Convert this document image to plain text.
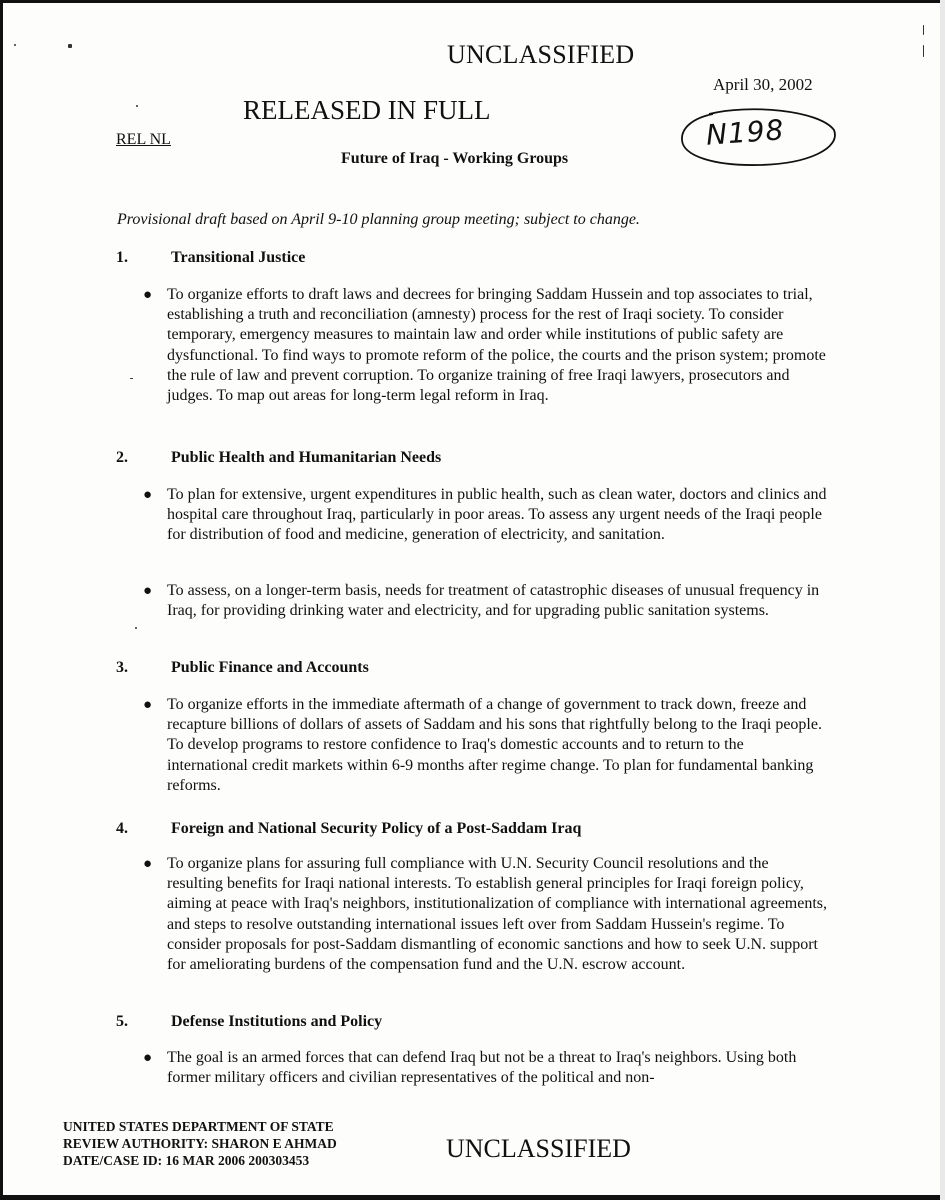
UNCLASSIFIED
April 30, 2002
RELEASED IN FULL
REL NL	N198
Future of Iraq - Working Groups
Provisional draft based on April 9-10 planning group meeting; subject to change.
1.	Transitional Justice
● To organize efforts to draft laws and decrees for bringing Saddam Hussein and top associates to trial, establishing a truth and reconciliation (amnesty) process for the rest of Iraqi society. To consider temporary, emergency measures to maintain law and order while institutions of public safety are dysfunctional. To find ways to promote reform of the police, the courts and the prison system; promote the rule of law and prevent corruption. To organize training of free Iraqi lawyers, prosecutors and judges. To map out areas for long-term legal reform in Iraq.
2.	Public Health and Humanitarian Needs
● To plan for extensive, urgent expenditures in public health, such as clean water, doctors and clinics and hospital care throughout Iraq, particularly in poor areas. To assess any urgent needs of the Iraqi people for distribution of food and medicine, generation of electricity, and sanitation.
● To assess, on a longer-term basis, needs for treatment of catastrophic diseases of unusual frequency in Iraq, for providing drinking water and electricity, and for upgrading public sanitation systems.
3.	Public Finance and Accounts
● To organize efforts in the immediate aftermath of a change of government to track down, freeze and recapture billions of dollars of assets of Saddam and his sons that rightfully belong to the Iraqi people. To develop programs to restore confidence to Iraq's domestic accounts and to return to the international credit markets within 6-9 months after regime change. To plan for fundamental banking reforms.
4.	Foreign and National Security Policy of a Post-Saddam Iraq
● To organize plans for assuring full compliance with U.N. Security Council resolutions and the resulting benefits for Iraqi national interests. To establish general principles for Iraqi foreign policy, aiming at peace with Iraq's neighbors, institutionalization of compliance with international agreements, and steps to resolve outstanding international issues left over from Saddam Hussein's regime. To consider proposals for post-Saddam dismantling of economic sanctions and how to seek U.N. support for ameliorating burdens of the compensation fund and the U.N. escrow account.
5.	Defense Institutions and Policy
● The goal is an armed forces that can defend Iraq but not be a threat to Iraq's neighbors. Using both former military officers and civilian representatives of the political and non-
UNITED STATES DEPARTMENT OF STATE
REVIEW AUTHORITY: SHARON E AHMAD
DATE/CASE ID: 16 MAR 2006 200303453	UNCLASSIFIED
